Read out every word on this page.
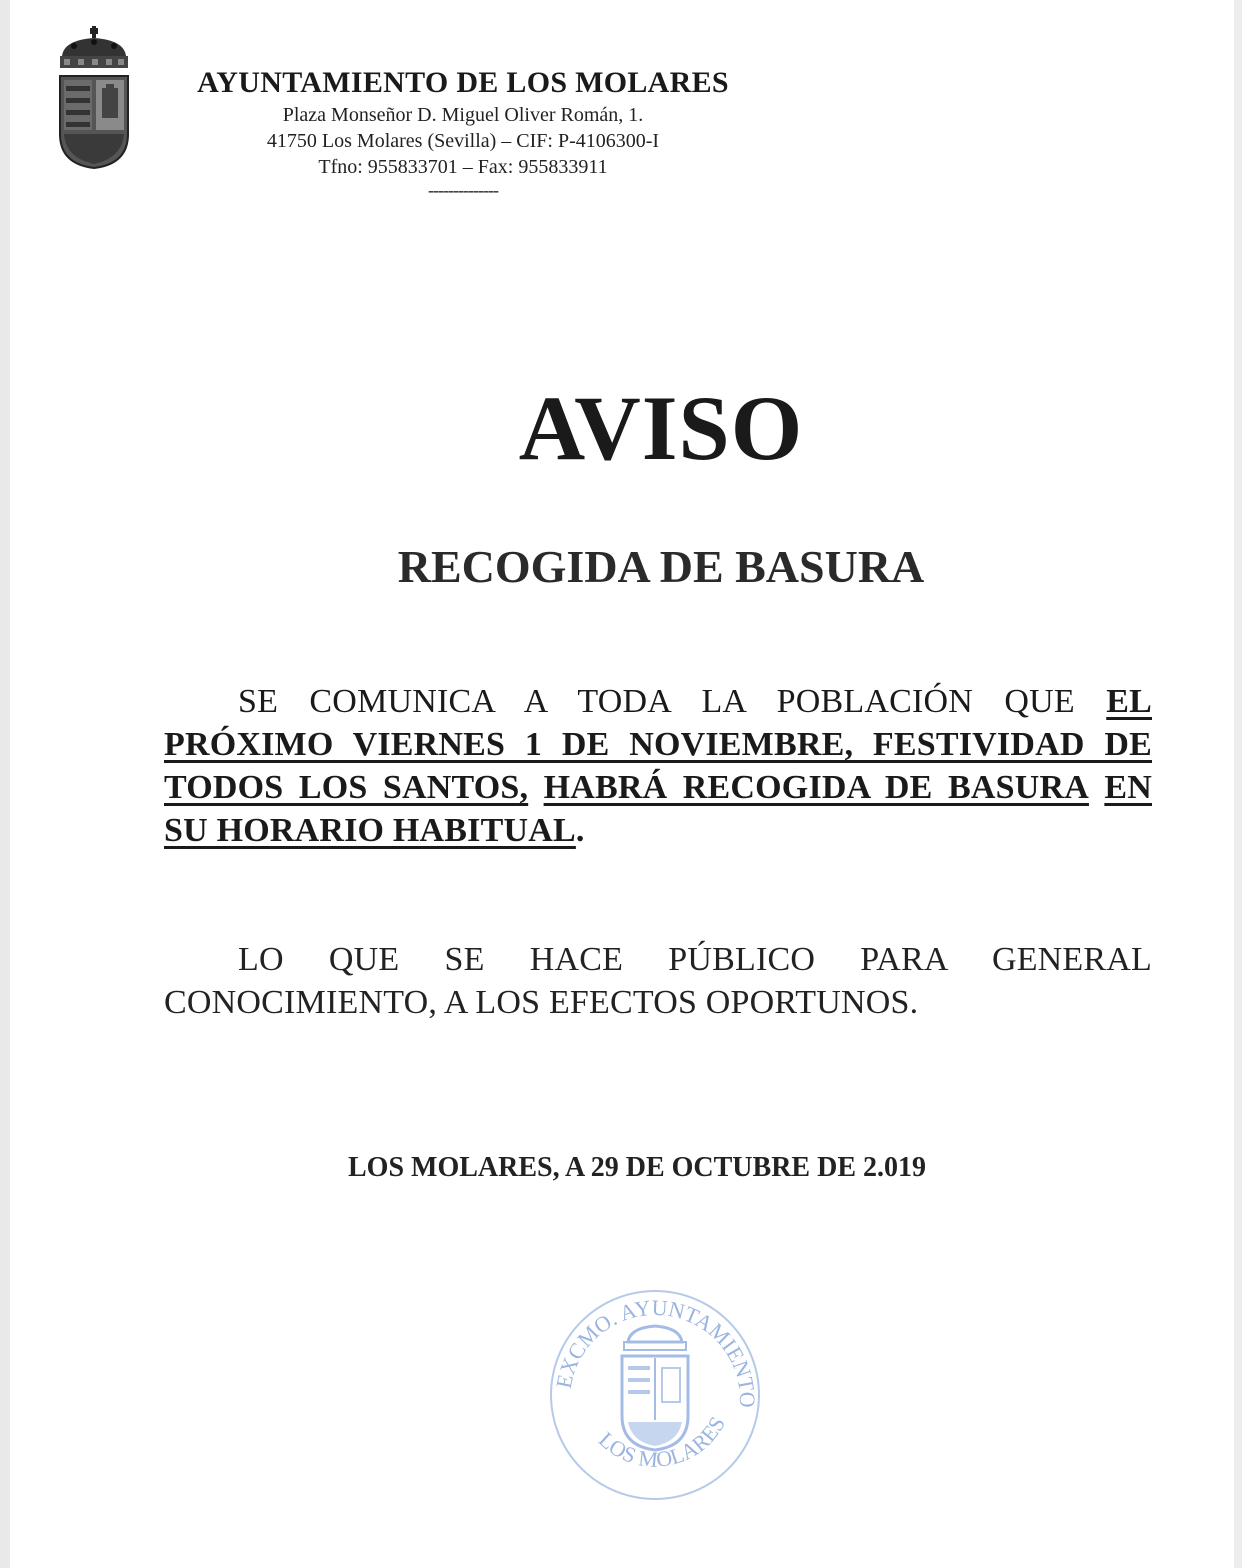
AYUNTAMIENTO DE LOS MOLARES
Plaza Monseñor D. Miguel Oliver Román, 1.
41750 Los Molares (Sevilla) – CIF: P-4106300-I
Tfno: 955833701 – Fax: 955833911
--------------
AVISO
RECOGIDA DE BASURA
SE COMUNICA A TODA LA POBLACIÓN QUE EL PRÓXIMO VIERNES 1 DE NOVIEMBRE, FESTIVIDAD DE TODOS LOS SANTOS, HABRÁ RECOGIDA DE BASURA EN SU HORARIO HABITUAL.
LO QUE SE HACE PÚBLICO PARA GENERAL CONOCIMIENTO, A LOS EFECTOS OPORTUNOS.
LOS MOLARES, A 29 DE OCTUBRE DE 2.019
EXCMO. AYUNTAMIENTO
LOS MOLARES
